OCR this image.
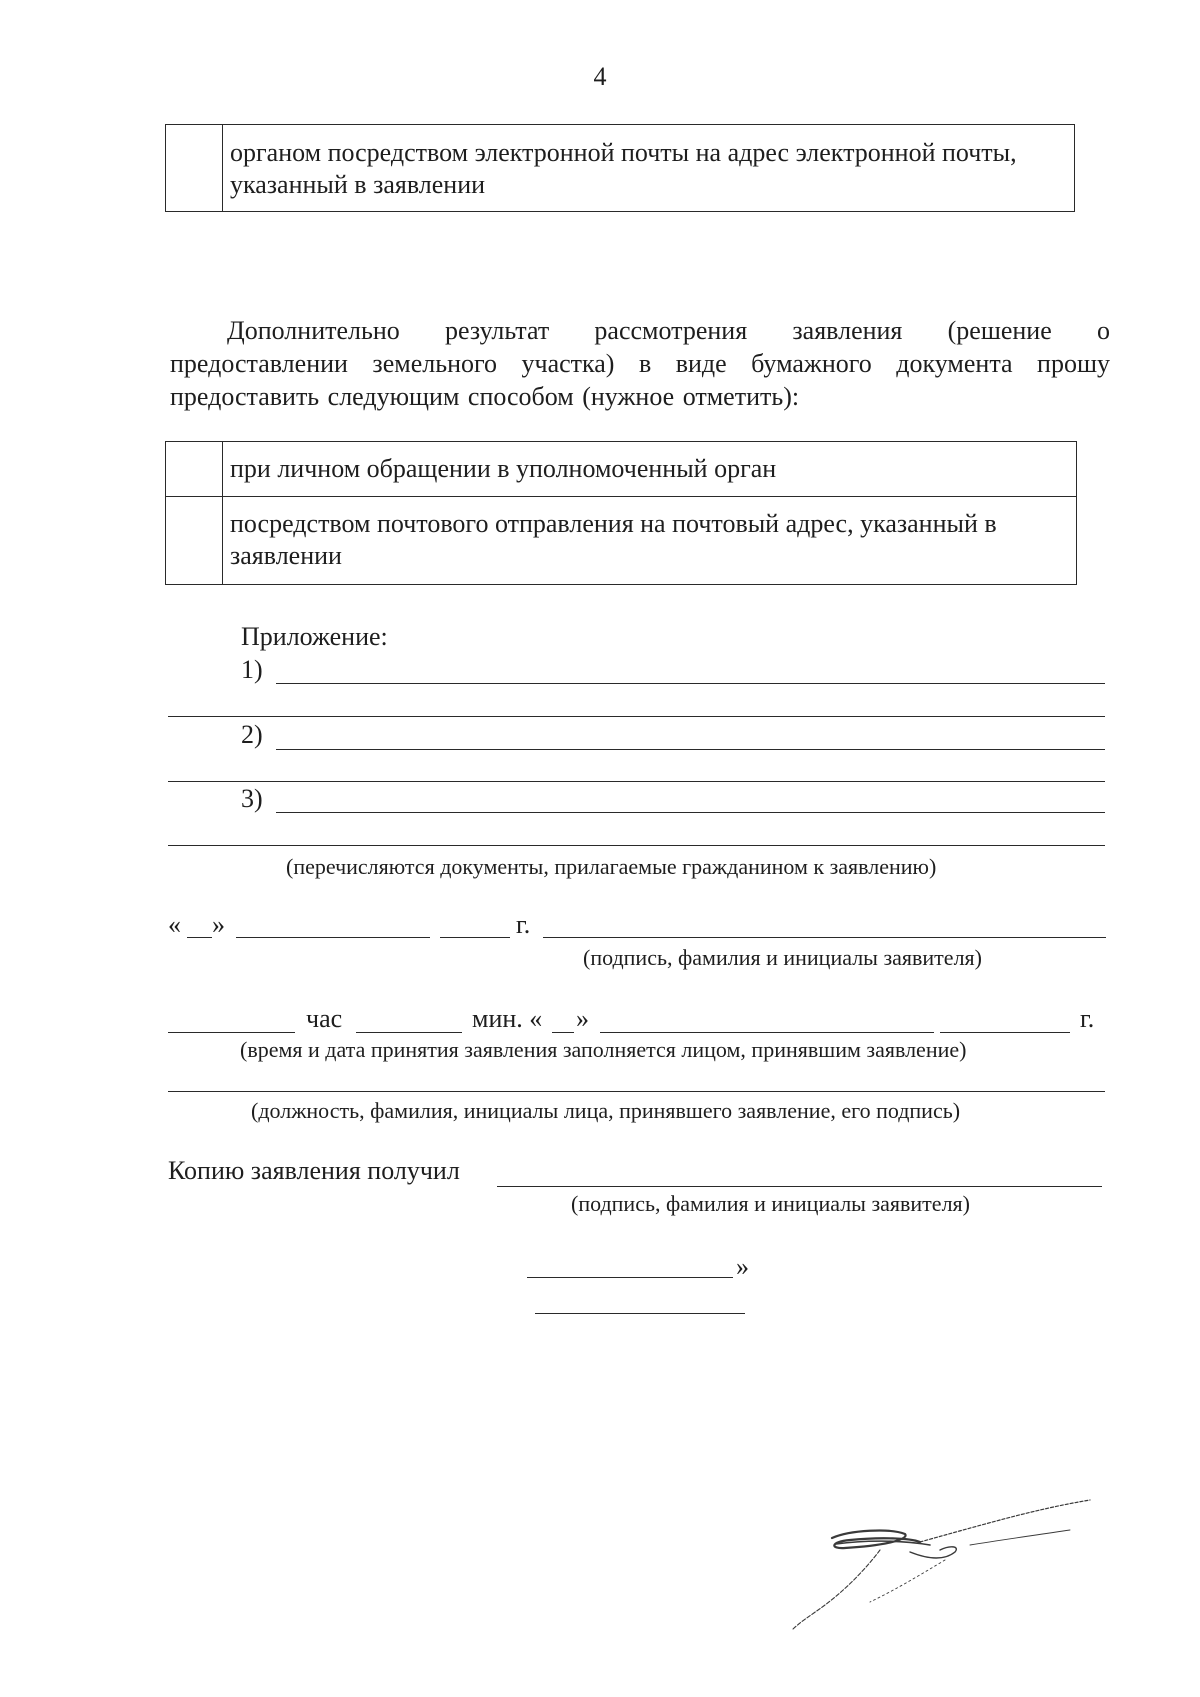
4
органом посредством электронной почты на адрес электронной почты, указанный в заявлении
Дополнительно результат рассмотрения заявления (решение о предоставлении земельного участка) в виде бумажного документа прошу предоставить следующим способом (нужное отметить):
при личном обращении в уполномоченный орган
посредством почтового отправления на почтовый адрес, указанный в заявлении
Приложение:
1)
2)
3)
(перечисляются документы, прилагаемые гражданином к заявлению)
« »	г.
(подпись, фамилия и инициалы заявителя)
час	мин. « »	г.
(время и дата принятия заявления заполняется лицом, принявшим заявление)
(должность, фамилия, инициалы лица, принявшего заявление, его подпись)
Копию заявления получил
(подпись, фамилия и инициалы заявителя)
»
